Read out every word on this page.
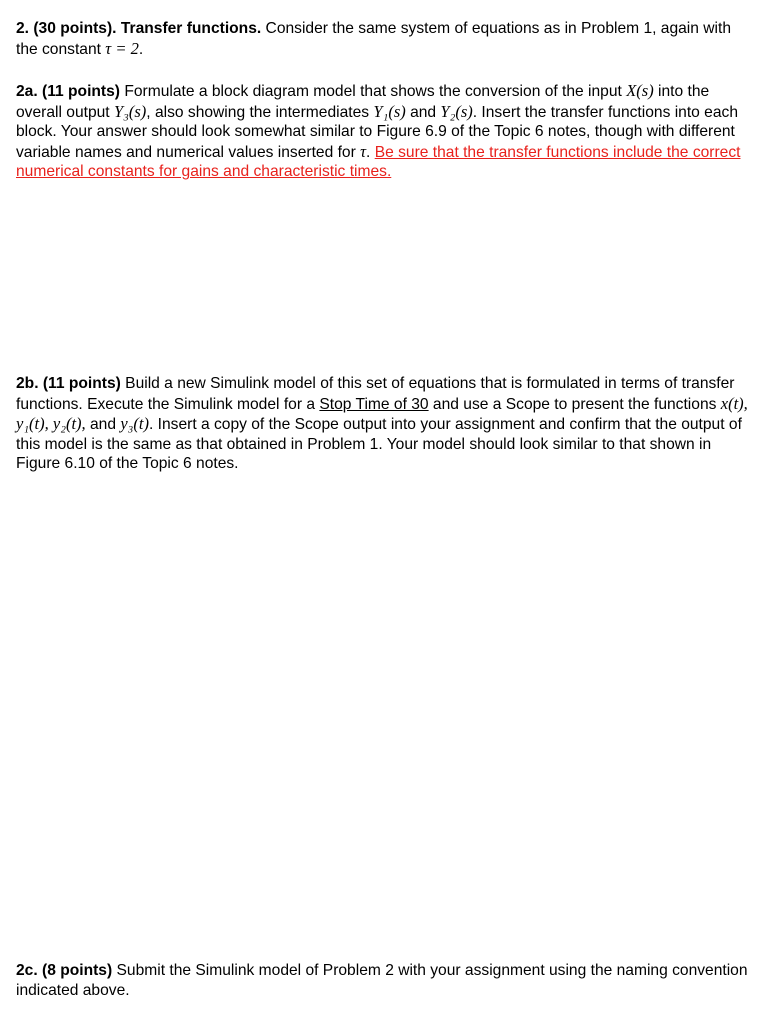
2. (30 points). Transfer functions. Consider the same system of equations as in Problem 1, again with the constant τ = 2.

2a. (11 points) Formulate a block diagram model that shows the conversion of the input X(s) into the overall output Y₃(s), also showing the intermediates Y₁(s) and Y₂(s). Insert the transfer functions into each block. Your answer should look somewhat similar to Figure 6.9 of the Topic 6 notes, though with different variable names and numerical values inserted for τ. Be sure that the transfer functions include the correct numerical constants for gains and characteristic times.

2b. (11 points) Build a new Simulink model of this set of equations that is formulated in terms of transfer functions. Execute the Simulink model for a Stop Time of 30 and use a Scope to present the functions x(t), y₁(t), y₂(t), and y₃(t). Insert a copy of the Scope output into your assignment and confirm that the output of this model is the same as that obtained in Problem 1. Your model should look similar to that shown in Figure 6.10 of the Topic 6 notes.

2c. (8 points) Submit the Simulink model of Problem 2 with your assignment using the naming convention indicated above.
